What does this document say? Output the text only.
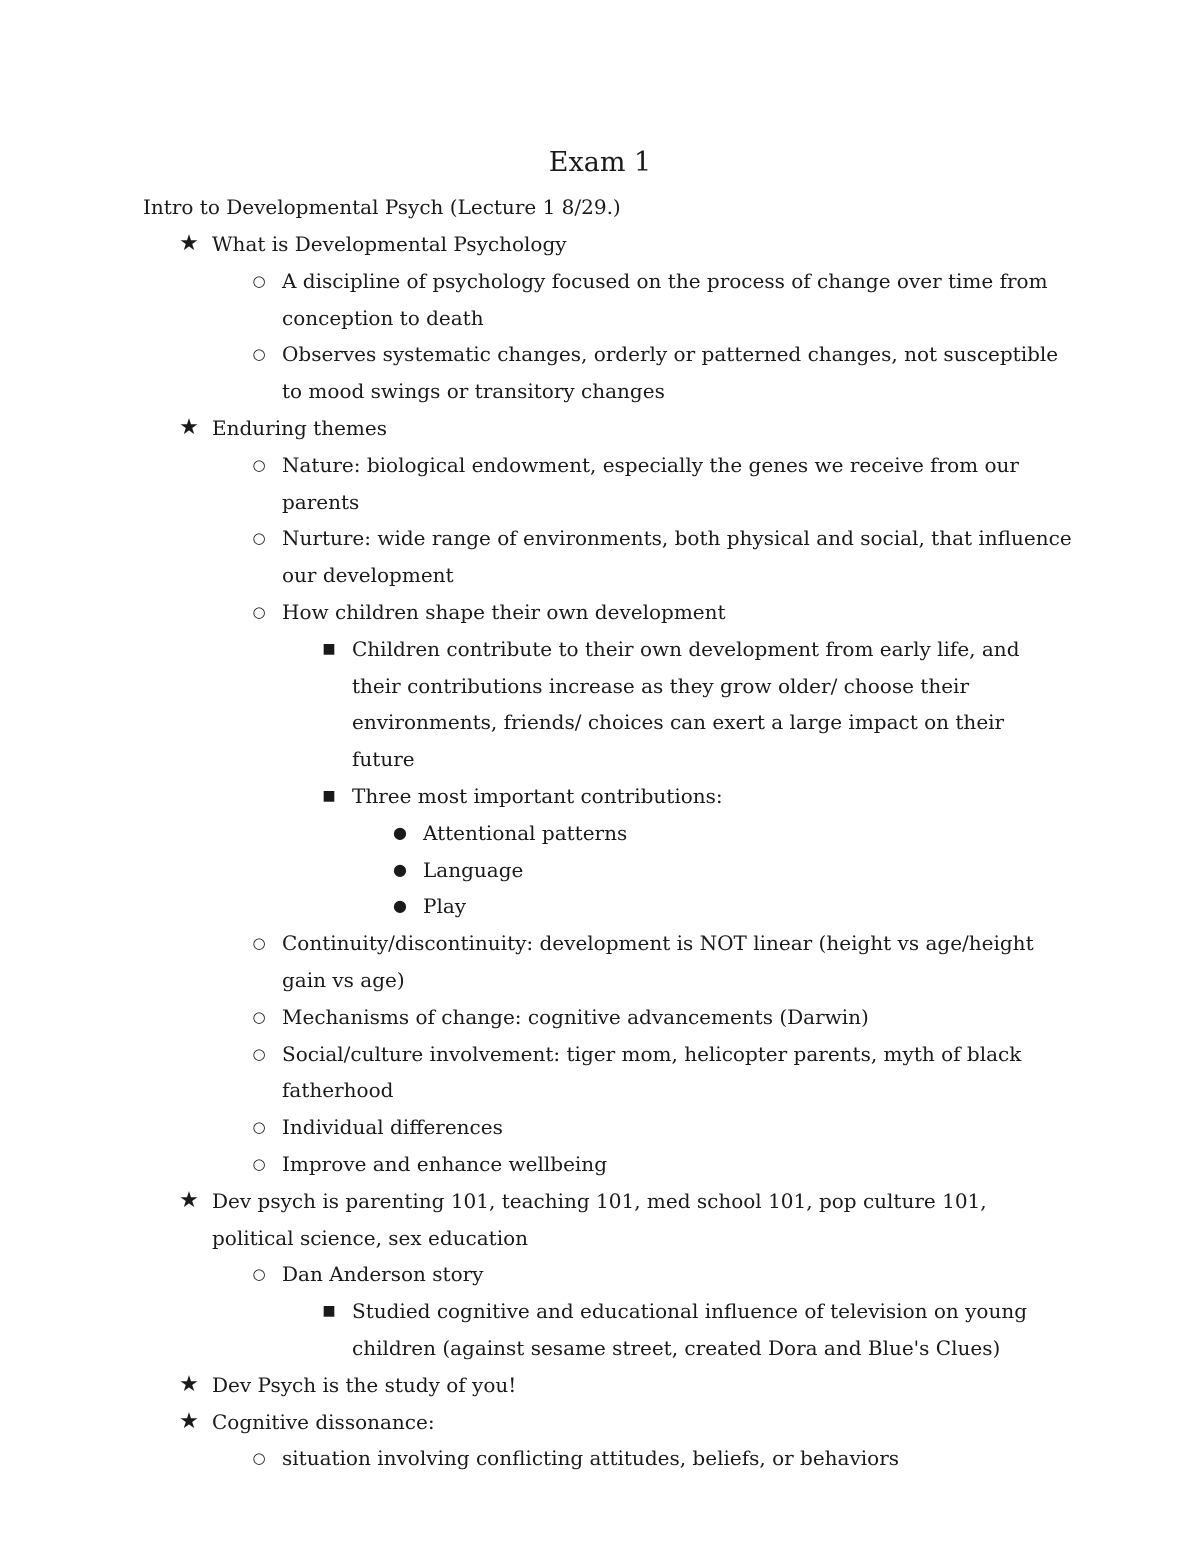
Exam 1
Intro to Developmental Psych (Lecture 1 8/29.)
★ What is Developmental Psychology
○ A discipline of psychology focused on the process of change over time from conception to death
○ Observes systematic changes, orderly or patterned changes, not susceptible to mood swings or transitory changes
★ Enduring themes
○ Nature: biological endowment, especially the genes we receive from our parents
○ Nurture: wide range of environments, both physical and social, that influence our development
○ How children shape their own development
■ Children contribute to their own development from early life, and their contributions increase as they grow older/ choose their environments, friends/ choices can exert a large impact on their future
■ Three most important contributions:
● Attentional patterns
● Language
● Play
○ Continuity/discontinuity: development is NOT linear (height vs age/height gain vs age)
○ Mechanisms of change: cognitive advancements (Darwin)
○ Social/culture involvement: tiger mom, helicopter parents, myth of black fatherhood
○ Individual differences
○ Improve and enhance wellbeing
★ Dev psych is parenting 101, teaching 101, med school 101, pop culture 101, political science, sex education
○ Dan Anderson story
■ Studied cognitive and educational influence of television on young children (against sesame street, created Dora and Blue's Clues)
★ Dev Psych is the study of you!
★ Cognitive dissonance:
○ situation involving conflicting attitudes, beliefs, or behaviors
